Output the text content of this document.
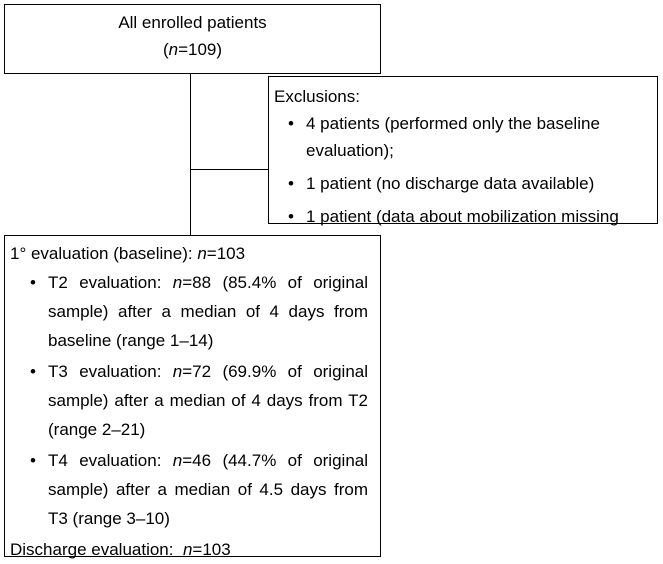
All enrolled patients
(n=109)
Exclusions:
• 4 patients (performed only the baseline evaluation);
• 1 patient (no discharge data available)
• 1 patient (data about mobilization missing
1° evaluation (baseline): n=103
• T2 evaluation: n=88 (85.4% of original sample) after a median of 4 days from baseline (range 1–14)
• T3 evaluation: n=72 (69.9% of original sample) after a median of 4 days from T2 (range 2–21)
• T4 evaluation: n=46 (44.7% of original sample) after a median of 4.5 days from T3 (range 3–10)
Discharge evaluation:  n=103
